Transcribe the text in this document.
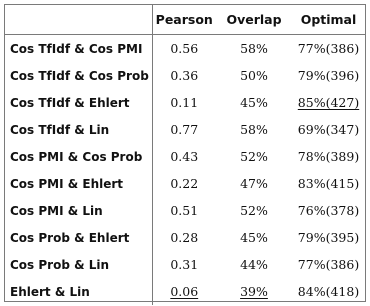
	Pearson	Overlap	Optimal
Cos TfIdf & Cos PMI	0.56	58%	77%(386)
Cos TfIdf & Cos Prob	0.36	50%	79%(396)
Cos TfIdf & Ehlert	0.11	45%	85%(427)
Cos TfIdf & Lin	0.77	58%	69%(347)
Cos PMI & Cos Prob	0.43	52%	78%(389)
Cos PMI & Ehlert	0.22	47%	83%(415)
Cos PMI & Lin	0.51	52%	76%(378)
Cos Prob & Ehlert	0.28	45%	79%(395)
Cos Prob & Lin	0.31	44%	77%(386)
Ehlert & Lin	0.06	39%	84%(418)
